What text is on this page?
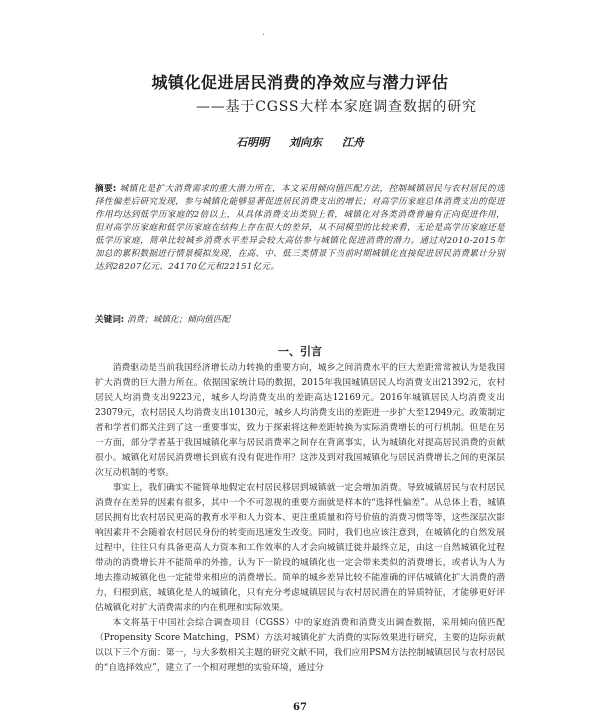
·
城镇化促进居民消费的净效应与潜力评估
——基于CGSS大样本家庭调查数据的研究
石明明 刘向东 江舟
摘要: 城镇化是扩大消费需求的重大潜力所在，本文采用倾向值匹配方法，控制城镇居民与农村居民的选择性偏差后研究发现，参与城镇化能够显著促进居民消费支出的增长；对高学历家庭总体消费支出的促进作用均达到低学历家庭的2倍以上，从具体消费支出类别上看，城镇化对各类消费普遍有正向促进作用，但对高学历家庭和低学历家庭在结构上存在很大的差异，从不同模型的比较来看，无论是高学历家庭还是低学历家庭，简单比较城乡消费水平差异会较大高估参与城镇化促进消费的潜力。通过对2010-2015年加总的累积数据进行情景模拟发现，在高、中、低三类情景下当前时期城镇化直接促进居民消费累计分别达到28207亿元、24170亿元和22151亿元。
关键词: 消费；城镇化；倾向值匹配
一、引言

消费驱动是当前我国经济增长动力转换的重要方向，城乡之间消费水平的巨大差距常常被认为是我国扩大消费的巨大潜力所在。依据国家统计局的数据，2015年我国城镇居民人均消费支出21392元，农村居民人均消费支出9223元，城乡人均消费支出的差距高达12169元。2016年城镇居民人均消费支出23079元，农村居民人均消费支出10130元，城乡人均消费支出的差距进一步扩大至12949元。政策制定者和学者们都关注到了这一重要事实，致力于探索将这种差距转换为实际消费增长的可行机制。但是在另一方面，部分学者基于我国城镇化率与居民消费率之间存在背离事实，认为城镇化对提高居民消费的贡献很小。城镇化对居民消费增长到底有没有促进作用？这涉及到对我国城镇化与居民消费增长之间的更深层次互动机制的考察。

事实上，我们确实不能简单地假定农村居民移居到城镇就一定会增加消费。导致城镇居民与农村居民消费存在差异的因素有很多，其中一个不可忽视的重要方面就是样本的“选择性偏差”。从总体上看，城镇居民拥有比农村居民更高的教育水平和人力资本、更注重质量和符号价值的消费习惯等等，这些深层次影响因素并不会随着农村居民身份的转变而迅速发生改变。同时，我们也应该注意到，在城镇化的自然发展过程中，往往只有具备更高人力资本和工作效率的人才会向城镇迁徙并最终立足，由这一自然城镇化过程带动的消费增长并不能简单的外推，认为下一阶段的城镇化也一定会带来类似的消费增长，或者认为人为地去推动城镇化也一定能带来相应的消费增长。简单的城乡差异比较不能准确的评估城镇化扩大消费的潜力，归根到底，城镇化是人的城镇化，只有充分考虑城镇居民与农村居民潜在的异质特征，才能够更好评估城镇化对扩大消费需求的内在机理和实际效果。

本文将基于中国社会综合调查项目（CGSS）中的家庭消费和消费支出调查数据，采用倾向值匹配（Propensity Score Matching，PSM）方法对城镇化扩大消费的实际效果进行研究，主要的边际贡献以以下三个方面：第一，与大多数相关主题的研究文献不同，我们应用PSM方法控制城镇居民与农村居民的“自选择效应”，建立了一个相对理想的实验环境，通过分

67
